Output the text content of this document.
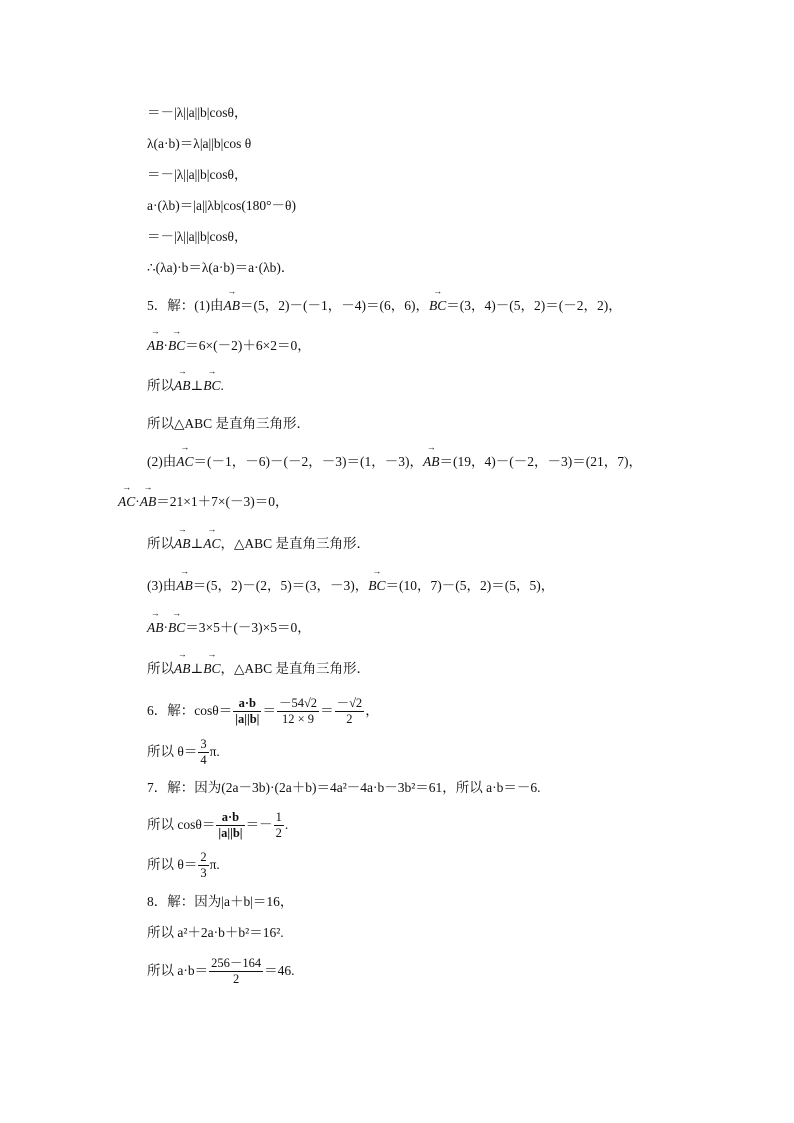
＝－|λ||a||b|cosθ，
λ(a·b)＝λ|a||b|cos θ
＝－|λ||a||b|cosθ，
a·(λb)＝|a||λb|cos(180°－θ)
＝－|λ||a||b|cosθ，
∴(λa)·b＝λ(a·b)＝a·(λb)．
5．解：(1)由→ AB＝(5，2)－(－1，－4)＝(6，6)，→ BC＝(3，4)－(5，2)＝(－2，2)，
→ AB·→ BC＝6×(－2)＋6×2＝0，
所以→ AB⊥→ BC.
所以△ABC 是直角三角形．
(2)由→ AC＝(－1，－6)－(－2，－3)＝(1，－3)，→ AB＝(19，4)－(－2，－3)＝(21，7)，
→ AC·→ AB＝21×1＋7×(－3)＝0，
所以→ AB⊥→ AC，△ABC 是直角三角形．
(3)由→ AB＝(5，2)－(2，5)＝(3，－3)，→ BC＝(10，7)－(5，2)＝(5，5)，
→ AB·→ BC＝3×5＋(－3)×5＝0，
所以→ AB⊥→ BC，△ABC 是直角三角形．
6．解：$\cos\theta= \frac{a\cdot b}{|a||b|} = \frac{-54√2}{12 \times 9} = \frac{-√2}{2}$ ，
所以 $\theta= \frac{3}{4} \pi$.
7．解：因为(2a－3b)·(2a＋b)＝4a²－4a·b－3b²＝61，所以 a·b＝－6.
所以 $\cos\theta= \frac{a\cdot b}{|a||b|} =- \frac{1}{2}$ .
所以 $\theta= \frac{2}{3} \pi$.
8．解：因为|a＋b|＝16，
所以 a²＋2a·b＋b²＝16².
所以 $a\cdot b= \frac{256-164}{2} =46$.
